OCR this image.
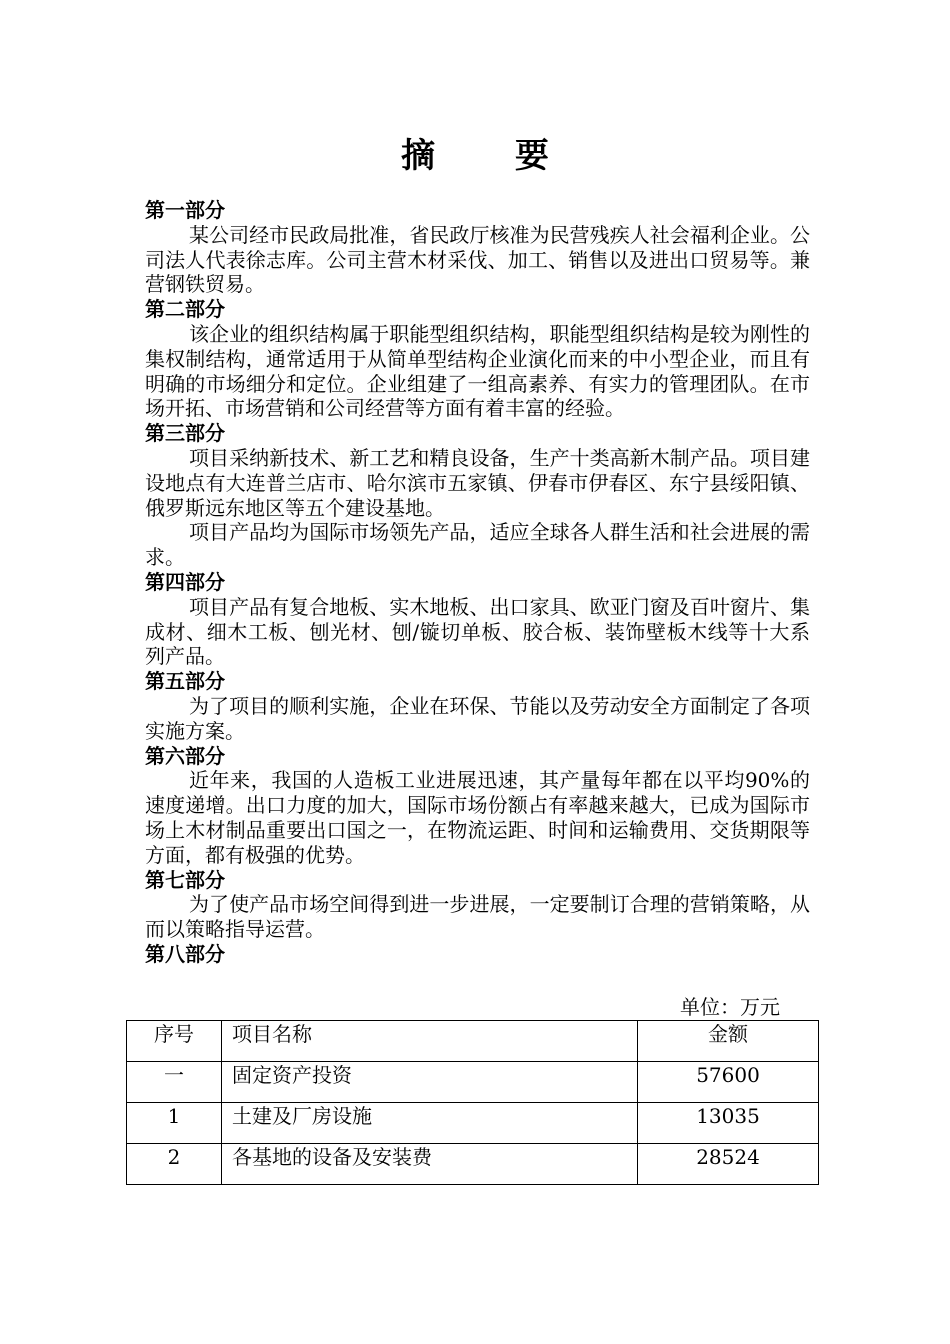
摘 要

第一部分

某公司经市民政局批准，省民政厅核准为民营残疾人社会福利企业。公司法人代表徐志库。公司主营木材采伐、加工、销售以及进出口贸易等。兼营钢铁贸易。

第二部分

该企业的组织结构属于职能型组织结构，职能型组织结构是较为刚性的集权制结构，通常适用于从简单型结构企业演化而来的中小型企业，而且有明确的市场细分和定位。企业组建了一组高素养、有实力的管理团队。在市场开拓、市场营销和公司经营等方面有着丰富的经验。

第三部分

项目采纳新技术、新工艺和精良设备，生产十类高新木制产品。项目建设地点有大连普兰店市、哈尔滨市五家镇、伊春市伊春区、东宁县绥阳镇、俄罗斯远东地区等五个建设基地。

项目产品均为国际市场领先产品，适应全球各人群生活和社会进展的需求。

第四部分

项目产品有复合地板、实木地板、出口家具、欧亚门窗及百叶窗片、集成材、细木工板、刨光材、刨/镟切单板、胶合板、装饰壁板木线等十大系列产品。

第五部分

为了项目的顺利实施，企业在环保、节能以及劳动安全方面制定了各项实施方案。

第六部分

近年来，我国的人造板工业进展迅速，其产量每年都在以平均90%的速度递增。出口力度的加大，国际市场份额占有率越来越大，已成为国际市场上木材制品重要出口国之一，在物流运距、时间和运输费用、交货期限等方面，都有极强的优势。

第七部分

为了使产品市场空间得到进一步进展，一定要制订合理的营销策略，从而以策略指导运营。

第八部分

单位：万元
序号	项目名称	金额
一	固定资产投资	57600
1	土建及厂房设施	13035
2	各基地的设备及安装费	28524
